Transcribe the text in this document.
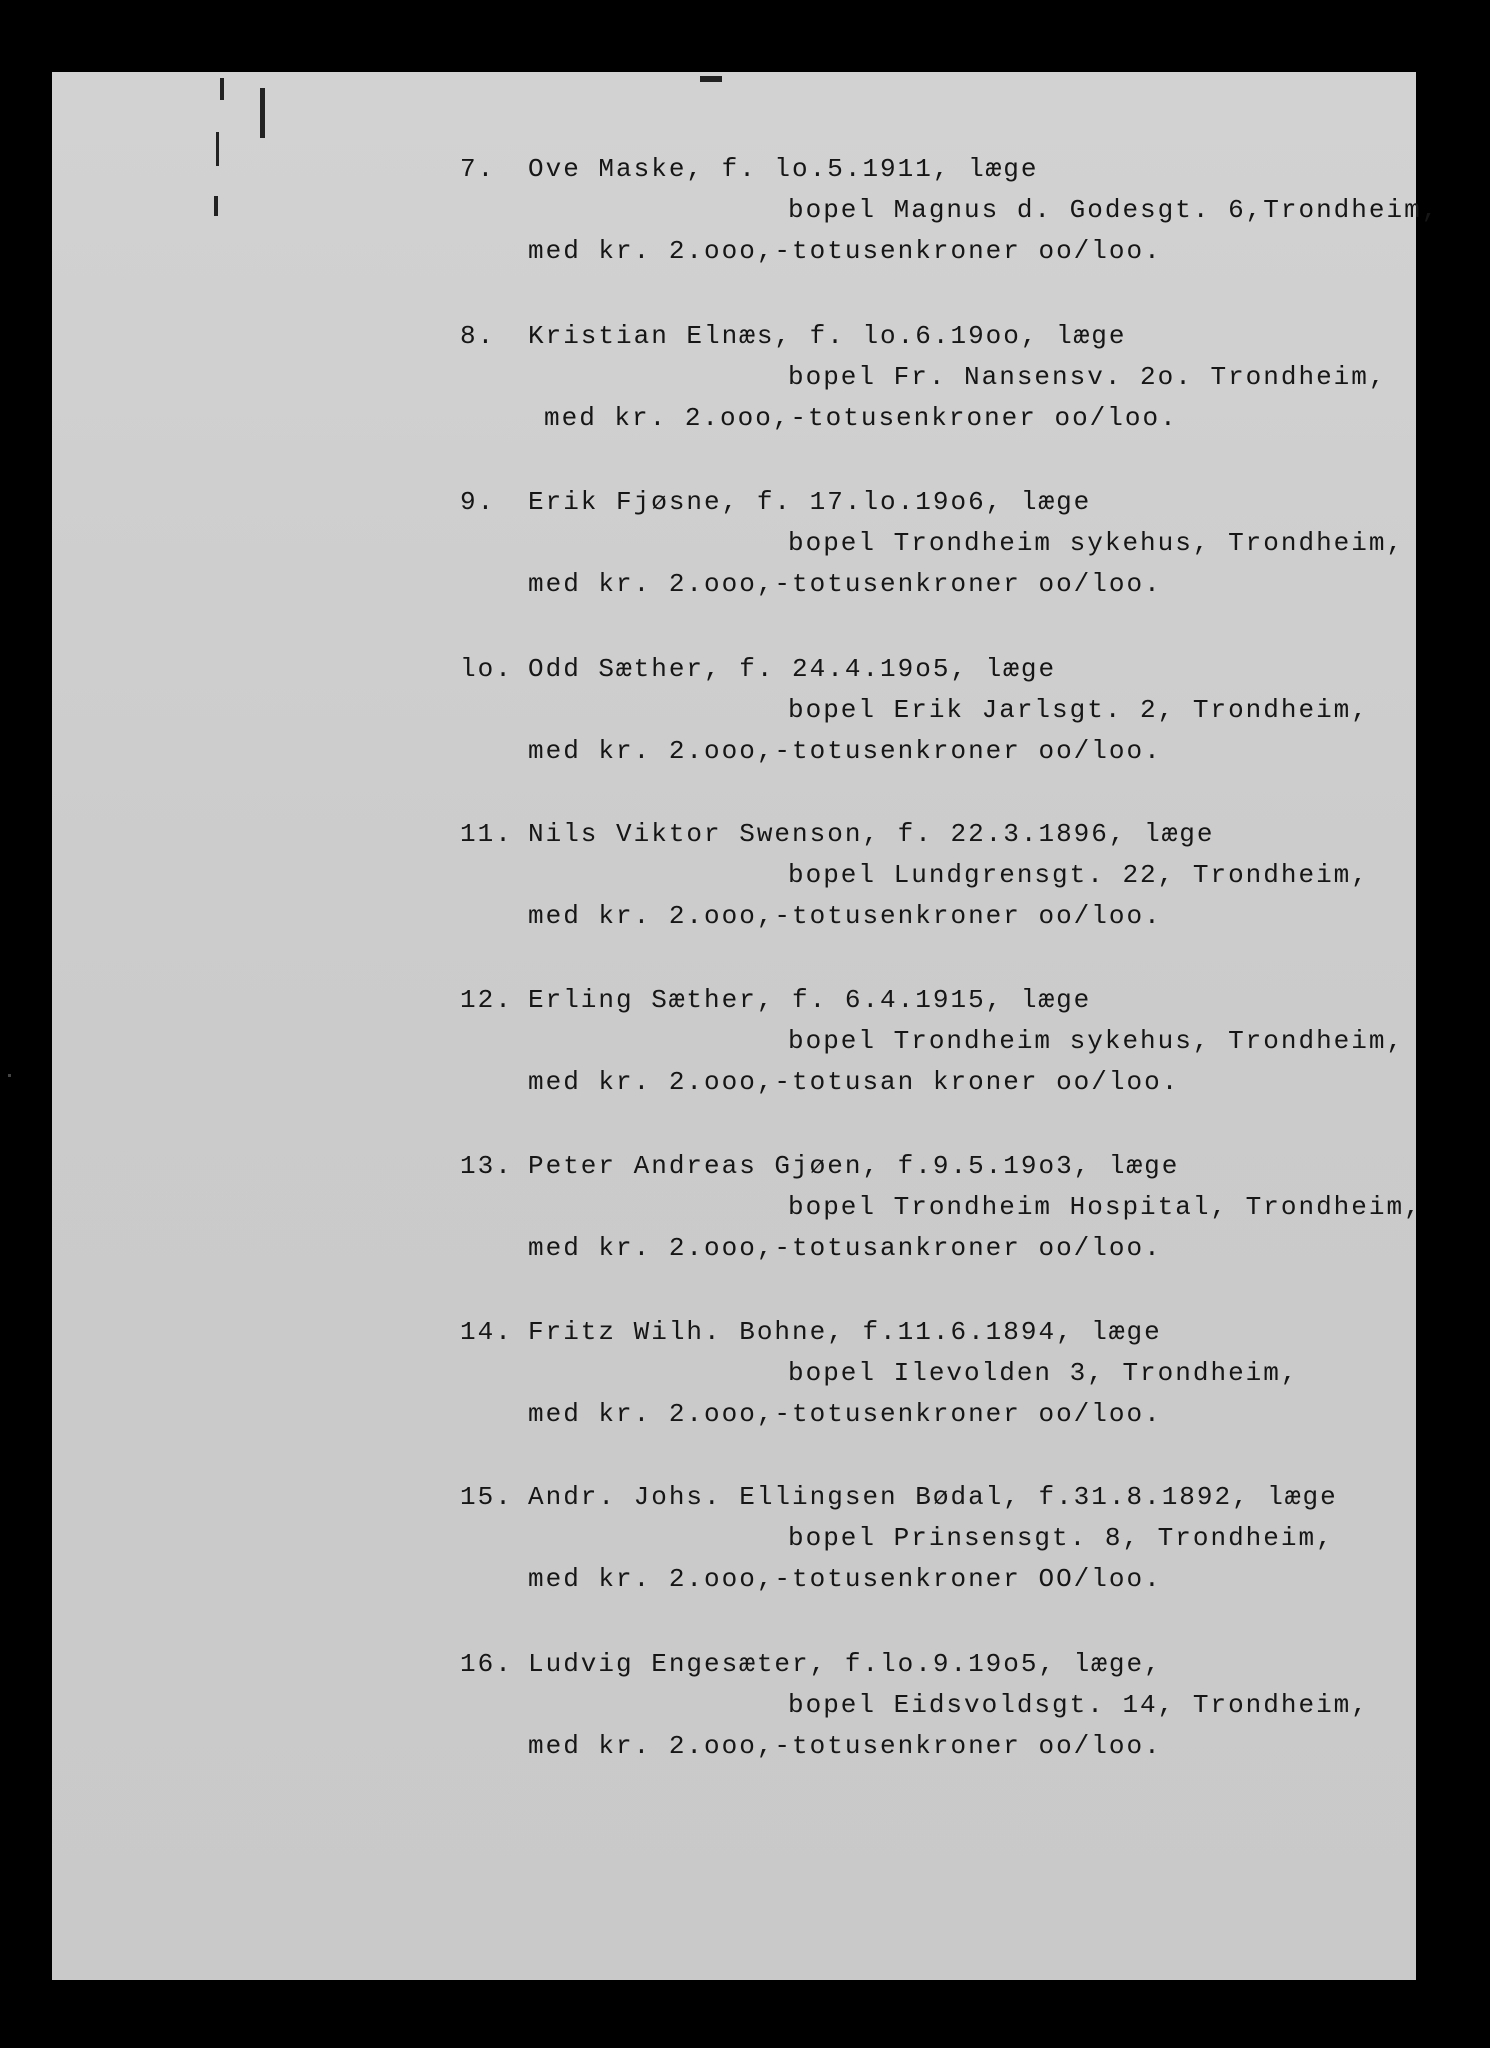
7. Ove Maske, f. lo.5.1911, læge
bopel Magnus d. Godesgt. 6,Trondheim,
med kr. 2.ooo,-totusenkroner oo/loo.
8. Kristian Elnæs, f. lo.6.19oo, læge
bopel Fr. Nansensv. 2o. Trondheim,
med kr. 2.ooo,-totusenkroner oo/loo.
9. Erik Fjøsne, f. 17.lo.19o6, læge
bopel Trondheim sykehus, Trondheim,
med kr. 2.ooo,-totusenkroner oo/loo.
lo. Odd Sæther, f. 24.4.19o5, læge
bopel Erik Jarlsgt. 2, Trondheim,
med kr. 2.ooo,-totusenkroner oo/loo.
11. Nils Viktor Swenson, f. 22.3.1896, læge
bopel Lundgrensgt. 22, Trondheim,
med kr. 2.ooo,-totusenkroner oo/loo.
12. Erling Sæther, f. 6.4.1915, læge
bopel Trondheim sykehus, Trondheim,
med kr. 2.ooo,-totusan kroner oo/loo.
13. Peter Andreas Gjøen, f.9.5.19o3, læge
bopel Trondheim Hospital, Trondheim,
med kr. 2.ooo,-totusankroner oo/loo.
14. Fritz Wilh. Bohne, f.11.6.1894, læge
bopel Ilevolden 3, Trondheim,
med kr. 2.ooo,-totusenkroner oo/loo.
15. Andr. Johs. Ellingsen Bødal, f.31.8.1892, læge
bopel Prinsensgt. 8, Trondheim,
med kr. 2.ooo,-totusenkroner OO/loo.
16. Ludvig Engesæter, f.lo.9.19o5, læge,
bopel Eidsvoldsgt. 14, Trondheim,
med kr. 2.ooo,-totusenkroner oo/loo.
